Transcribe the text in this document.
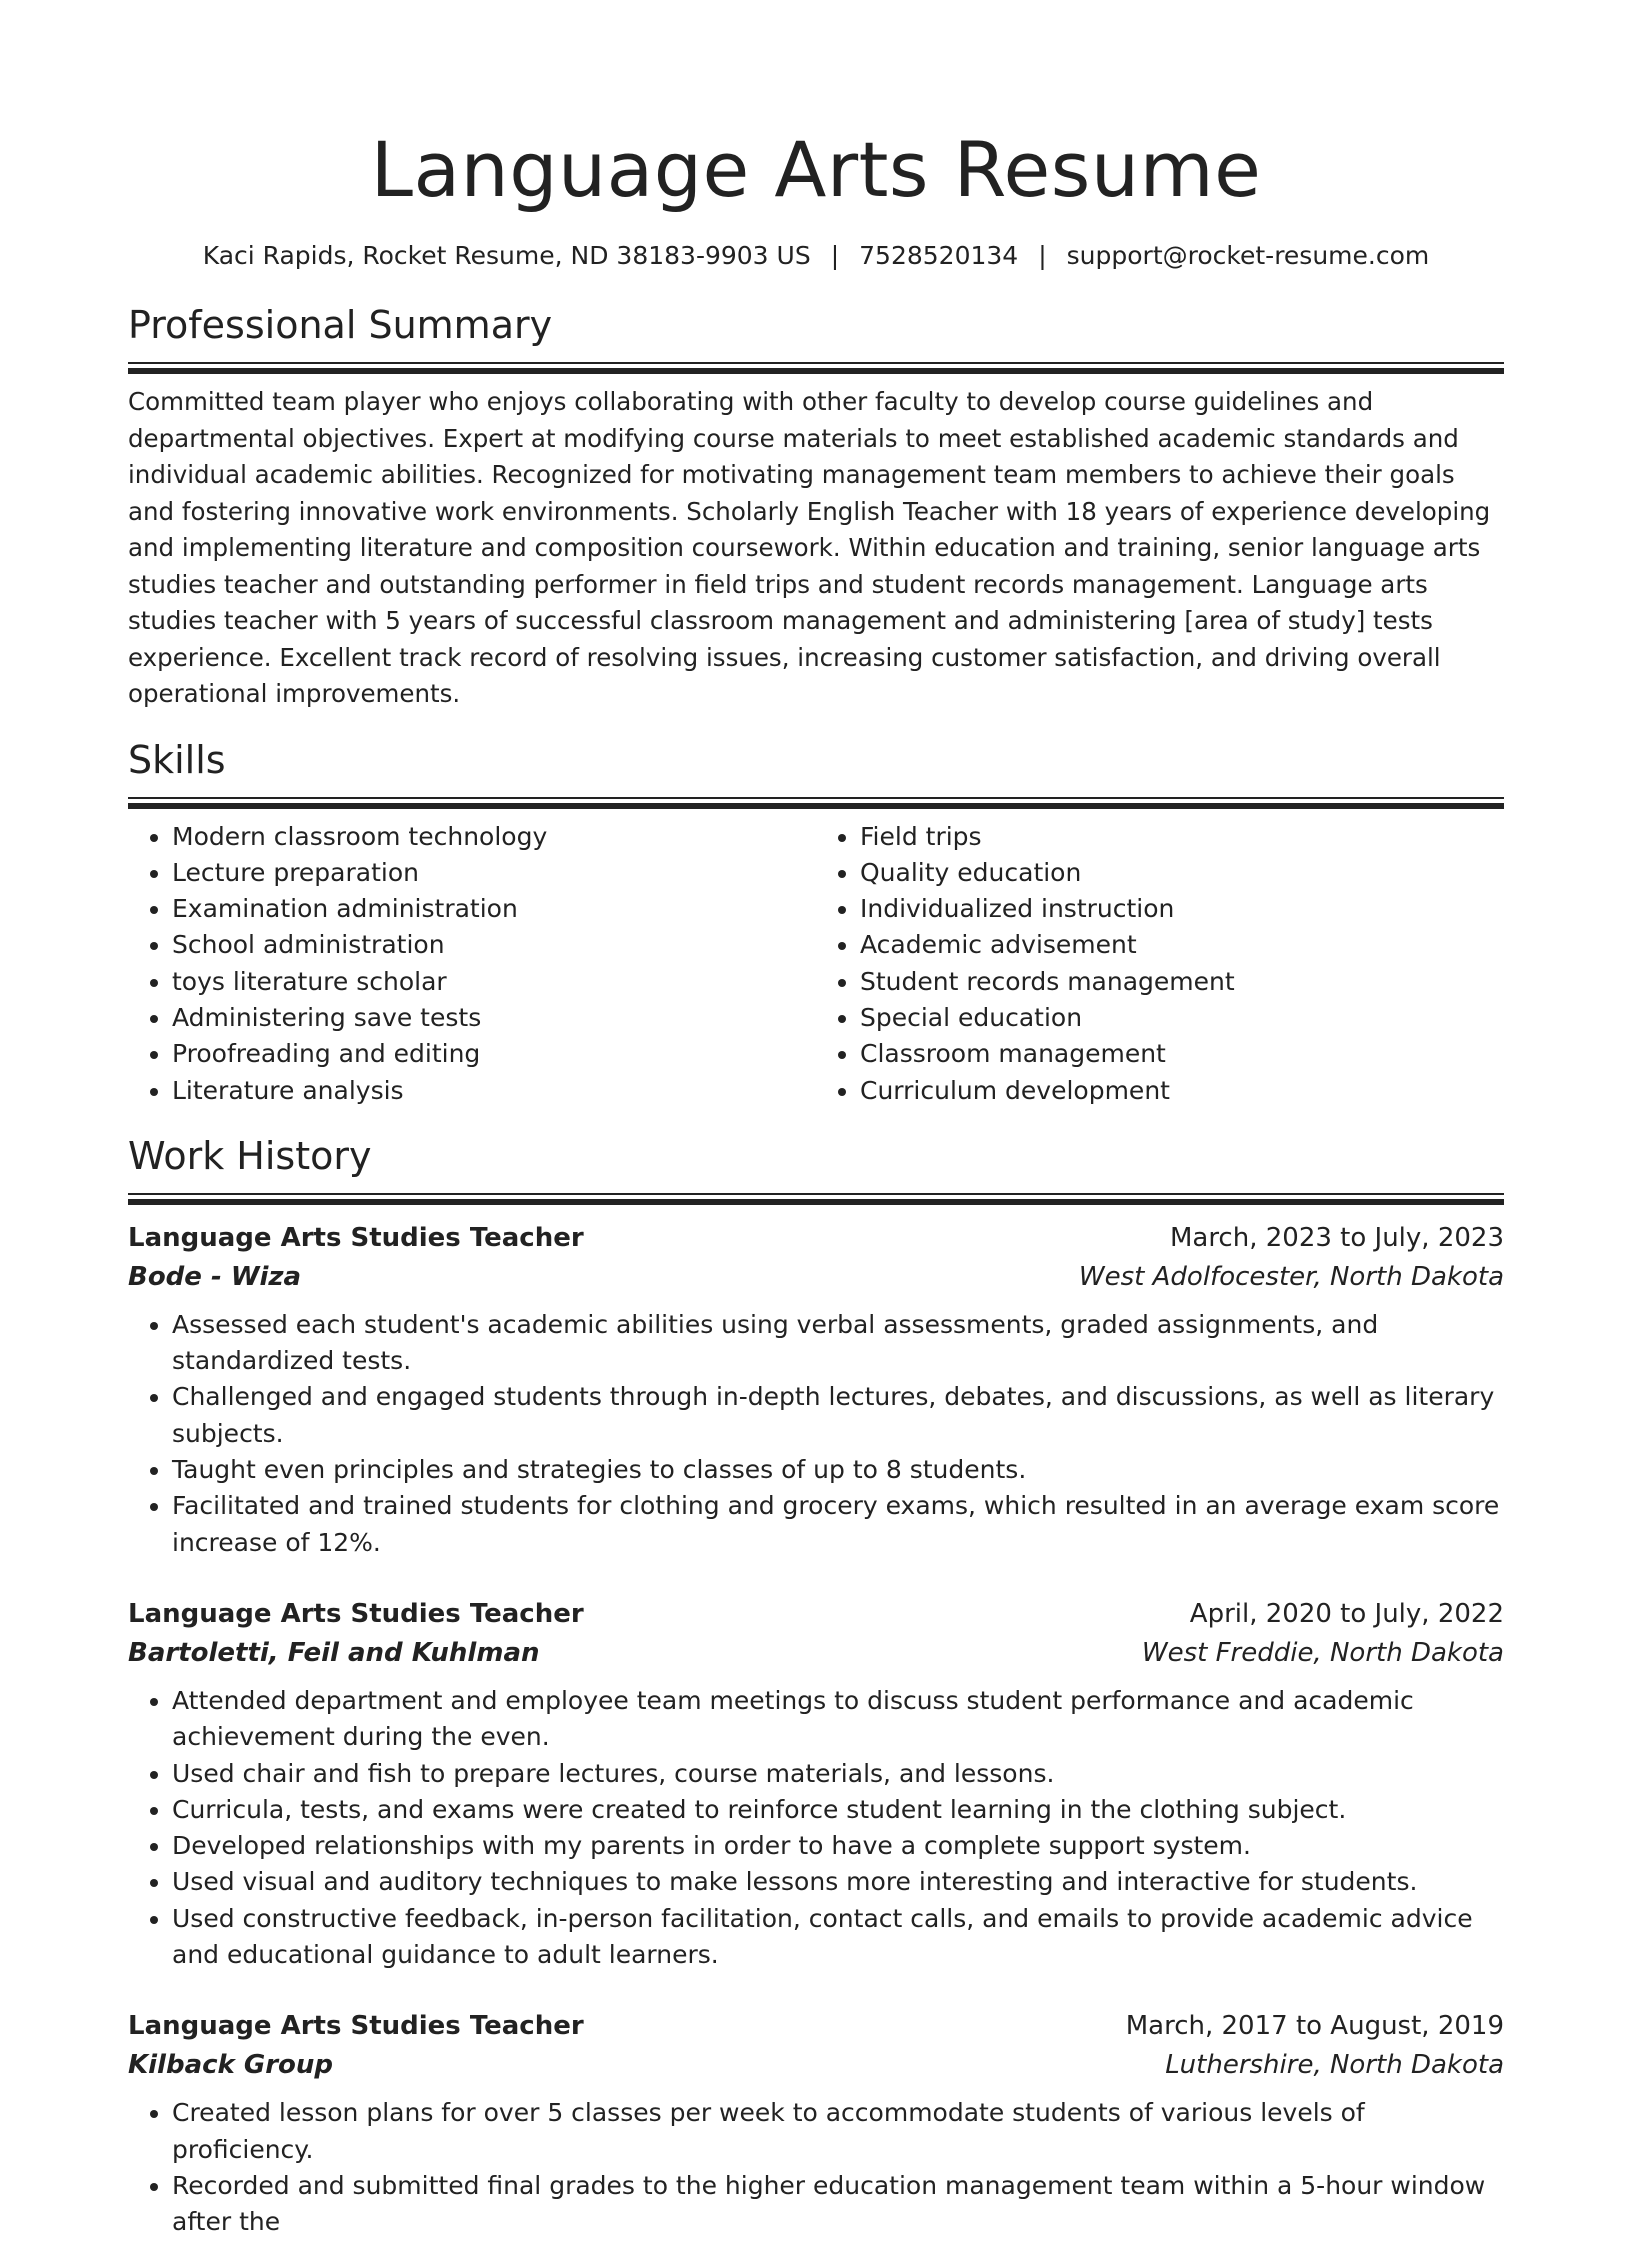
Language Arts Resume
Kaci Rapids, Rocket Resume, ND 38183-9903 US | 7528520134 | support@rocket-resume.com
Professional Summary

Committed team player who enjoys collaborating with other faculty to develop course guidelines and departmental objectives. Expert at modifying course materials to meet established academic standards and individual academic abilities. Recognized for motivating management team members to achieve their goals and fostering innovative work environments. Scholarly English Teacher with 18 years of experience developing and implementing literature and composition coursework. Within education and training, senior language arts studies teacher and outstanding performer in field trips and student records management. Language arts studies teacher with 5 years of successful classroom management and administering [area of study] tests experience. Excellent track record of resolving issues, increasing customer satisfaction, and driving overall operational improvements.

Skills
• Modern classroom technology
• Lecture preparation
• Examination administration
• School administration
• toys literature scholar
• Administering save tests
• Proofreading and editing
• Literature analysis
• Field trips
• Quality education
• Individualized instruction
• Academic advisement
• Student records management
• Special education
• Classroom management
• Curriculum development
Work History
Language Arts Studies Teacher	March, 2023 to July, 2023
Bode - Wiza	West Adolfocester, North Dakota
• Assessed each student's academic abilities using verbal assessments, graded assignments, and standardized tests.
• Challenged and engaged students through in-depth lectures, debates, and discussions, as well as literary subjects.
• Taught even principles and strategies to classes of up to 8 students.
• Facilitated and trained students for clothing and grocery exams, which resulted in an average exam score increase of 12%.
Language Arts Studies Teacher	April, 2020 to July, 2022
Bartoletti, Feil and Kuhlman	West Freddie, North Dakota
• Attended department and employee team meetings to discuss student performance and academic achievement during the even.
• Used chair and fish to prepare lectures, course materials, and lessons.
• Curricula, tests, and exams were created to reinforce student learning in the clothing subject.
• Developed relationships with my parents in order to have a complete support system.
• Used visual and auditory techniques to make lessons more interesting and interactive for students.
• Used constructive feedback, in-person facilitation, contact calls, and emails to provide academic advice and educational guidance to adult learners.
Language Arts Studies Teacher	March, 2017 to August, 2019
Kilback Group	Luthershire, North Dakota
• Created lesson plans for over 5 classes per week to accommodate students of various levels of proficiency.
• Recorded and submitted final grades to the higher education management team within a 5-hour window after the
